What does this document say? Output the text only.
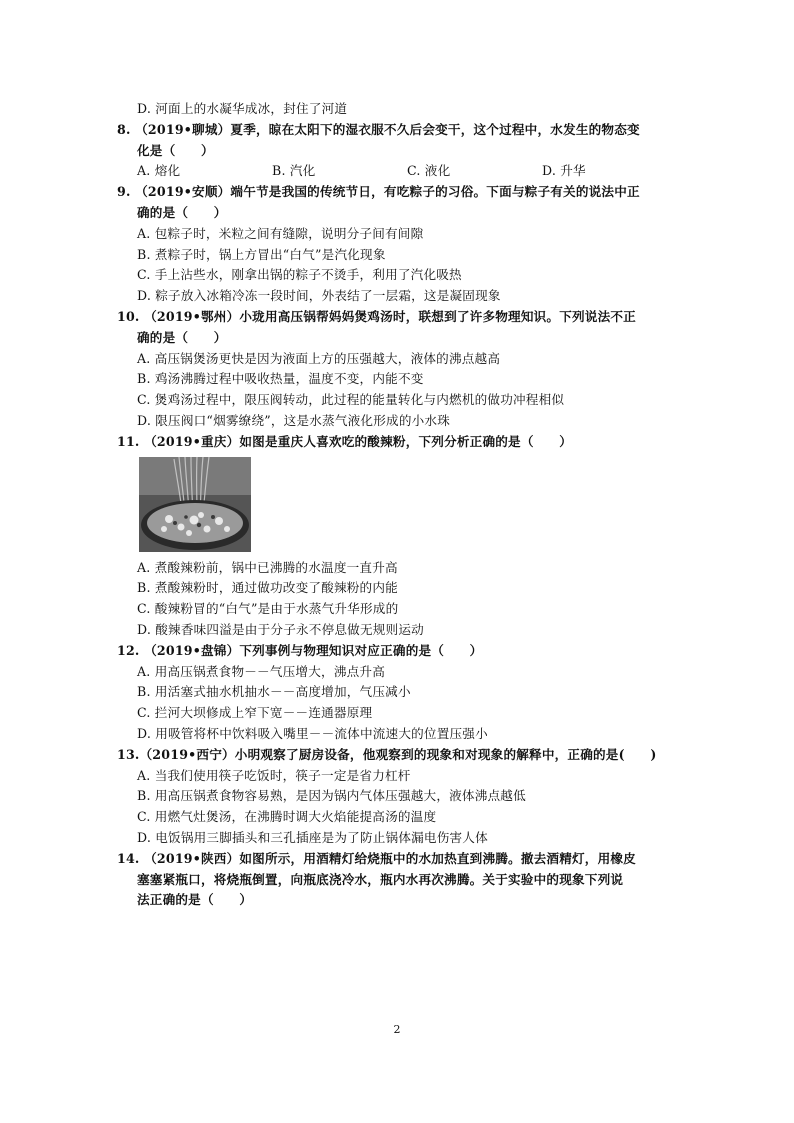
D. 河面上的水凝华成冰，封住了河道
8. （2019•聊城）夏季，晾在太阳下的湿衣服不久后会变干，这个过程中，水发生的物态变
化是（　　）
A. 熔化	B. 汽化	C. 液化	D. 升华
9. （2019•安顺）端午节是我国的传统节日，有吃粽子的习俗。下面与粽子有关的说法中正
确的是（　　）
A. 包粽子时，米粒之间有缝隙，说明分子间有间隙
B. 煮粽子时，锅上方冒出“白气”是汽化现象
C. 手上沾些水，刚拿出锅的粽子不烫手，利用了汽化吸热
D. 粽子放入冰箱冷冻一段时间，外表结了一层霜，这是凝固现象
10. （2019•鄂州）小珑用高压锅帮妈妈煲鸡汤时，联想到了许多物理知识。下列说法不正
确的是（　　）
A. 高压锅煲汤更快是因为液面上方的压强越大，液体的沸点越高
B. 鸡汤沸腾过程中吸收热量，温度不变，内能不变
C. 煲鸡汤过程中，限压阀转动，此过程的能量转化与内燃机的做功冲程相似
D. 限压阀口“烟雾缭绕”，这是水蒸气液化形成的小水珠
11. （2019•重庆）如图是重庆人喜欢吃的酸辣粉，下列分析正确的是（　　）
A. 煮酸辣粉前，锅中已沸腾的水温度一直升高
B. 煮酸辣粉时，通过做功改变了酸辣粉的内能
C. 酸辣粉冒的“白气”是由于水蒸气升华形成的
D. 酸辣香味四溢是由于分子永不停息做无规则运动
12. （2019•盘锦）下列事例与物理知识对应正确的是（　　）
A. 用高压锅煮食物－－气压增大，沸点升高
B. 用活塞式抽水机抽水－－高度增加，气压减小
C. 拦河大坝修成上窄下宽－－连通器原理
D. 用吸管将杯中饮料吸入嘴里－－流体中流速大的位置压强小
13.（2019•西宁）小明观察了厨房设备，他观察到的现象和对现象的解释中，正确的是(　　)
A. 当我们使用筷子吃饭时，筷子一定是省力杠杆
B. 用高压锅煮食物容易熟，是因为锅内气体压强越大，液体沸点越低
C. 用燃气灶煲汤，在沸腾时调大火焰能提高汤的温度
D. 电饭锅用三脚插头和三孔插座是为了防止锅体漏电伤害人体
14. （2019•陕西）如图所示，用酒精灯给烧瓶中的水加热直到沸腾。撤去酒精灯，用橡皮
塞塞紧瓶口，将烧瓶倒置，向瓶底浇冷水，瓶内水再次沸腾。关于实验中的现象下列说
法正确的是（　　）
2
